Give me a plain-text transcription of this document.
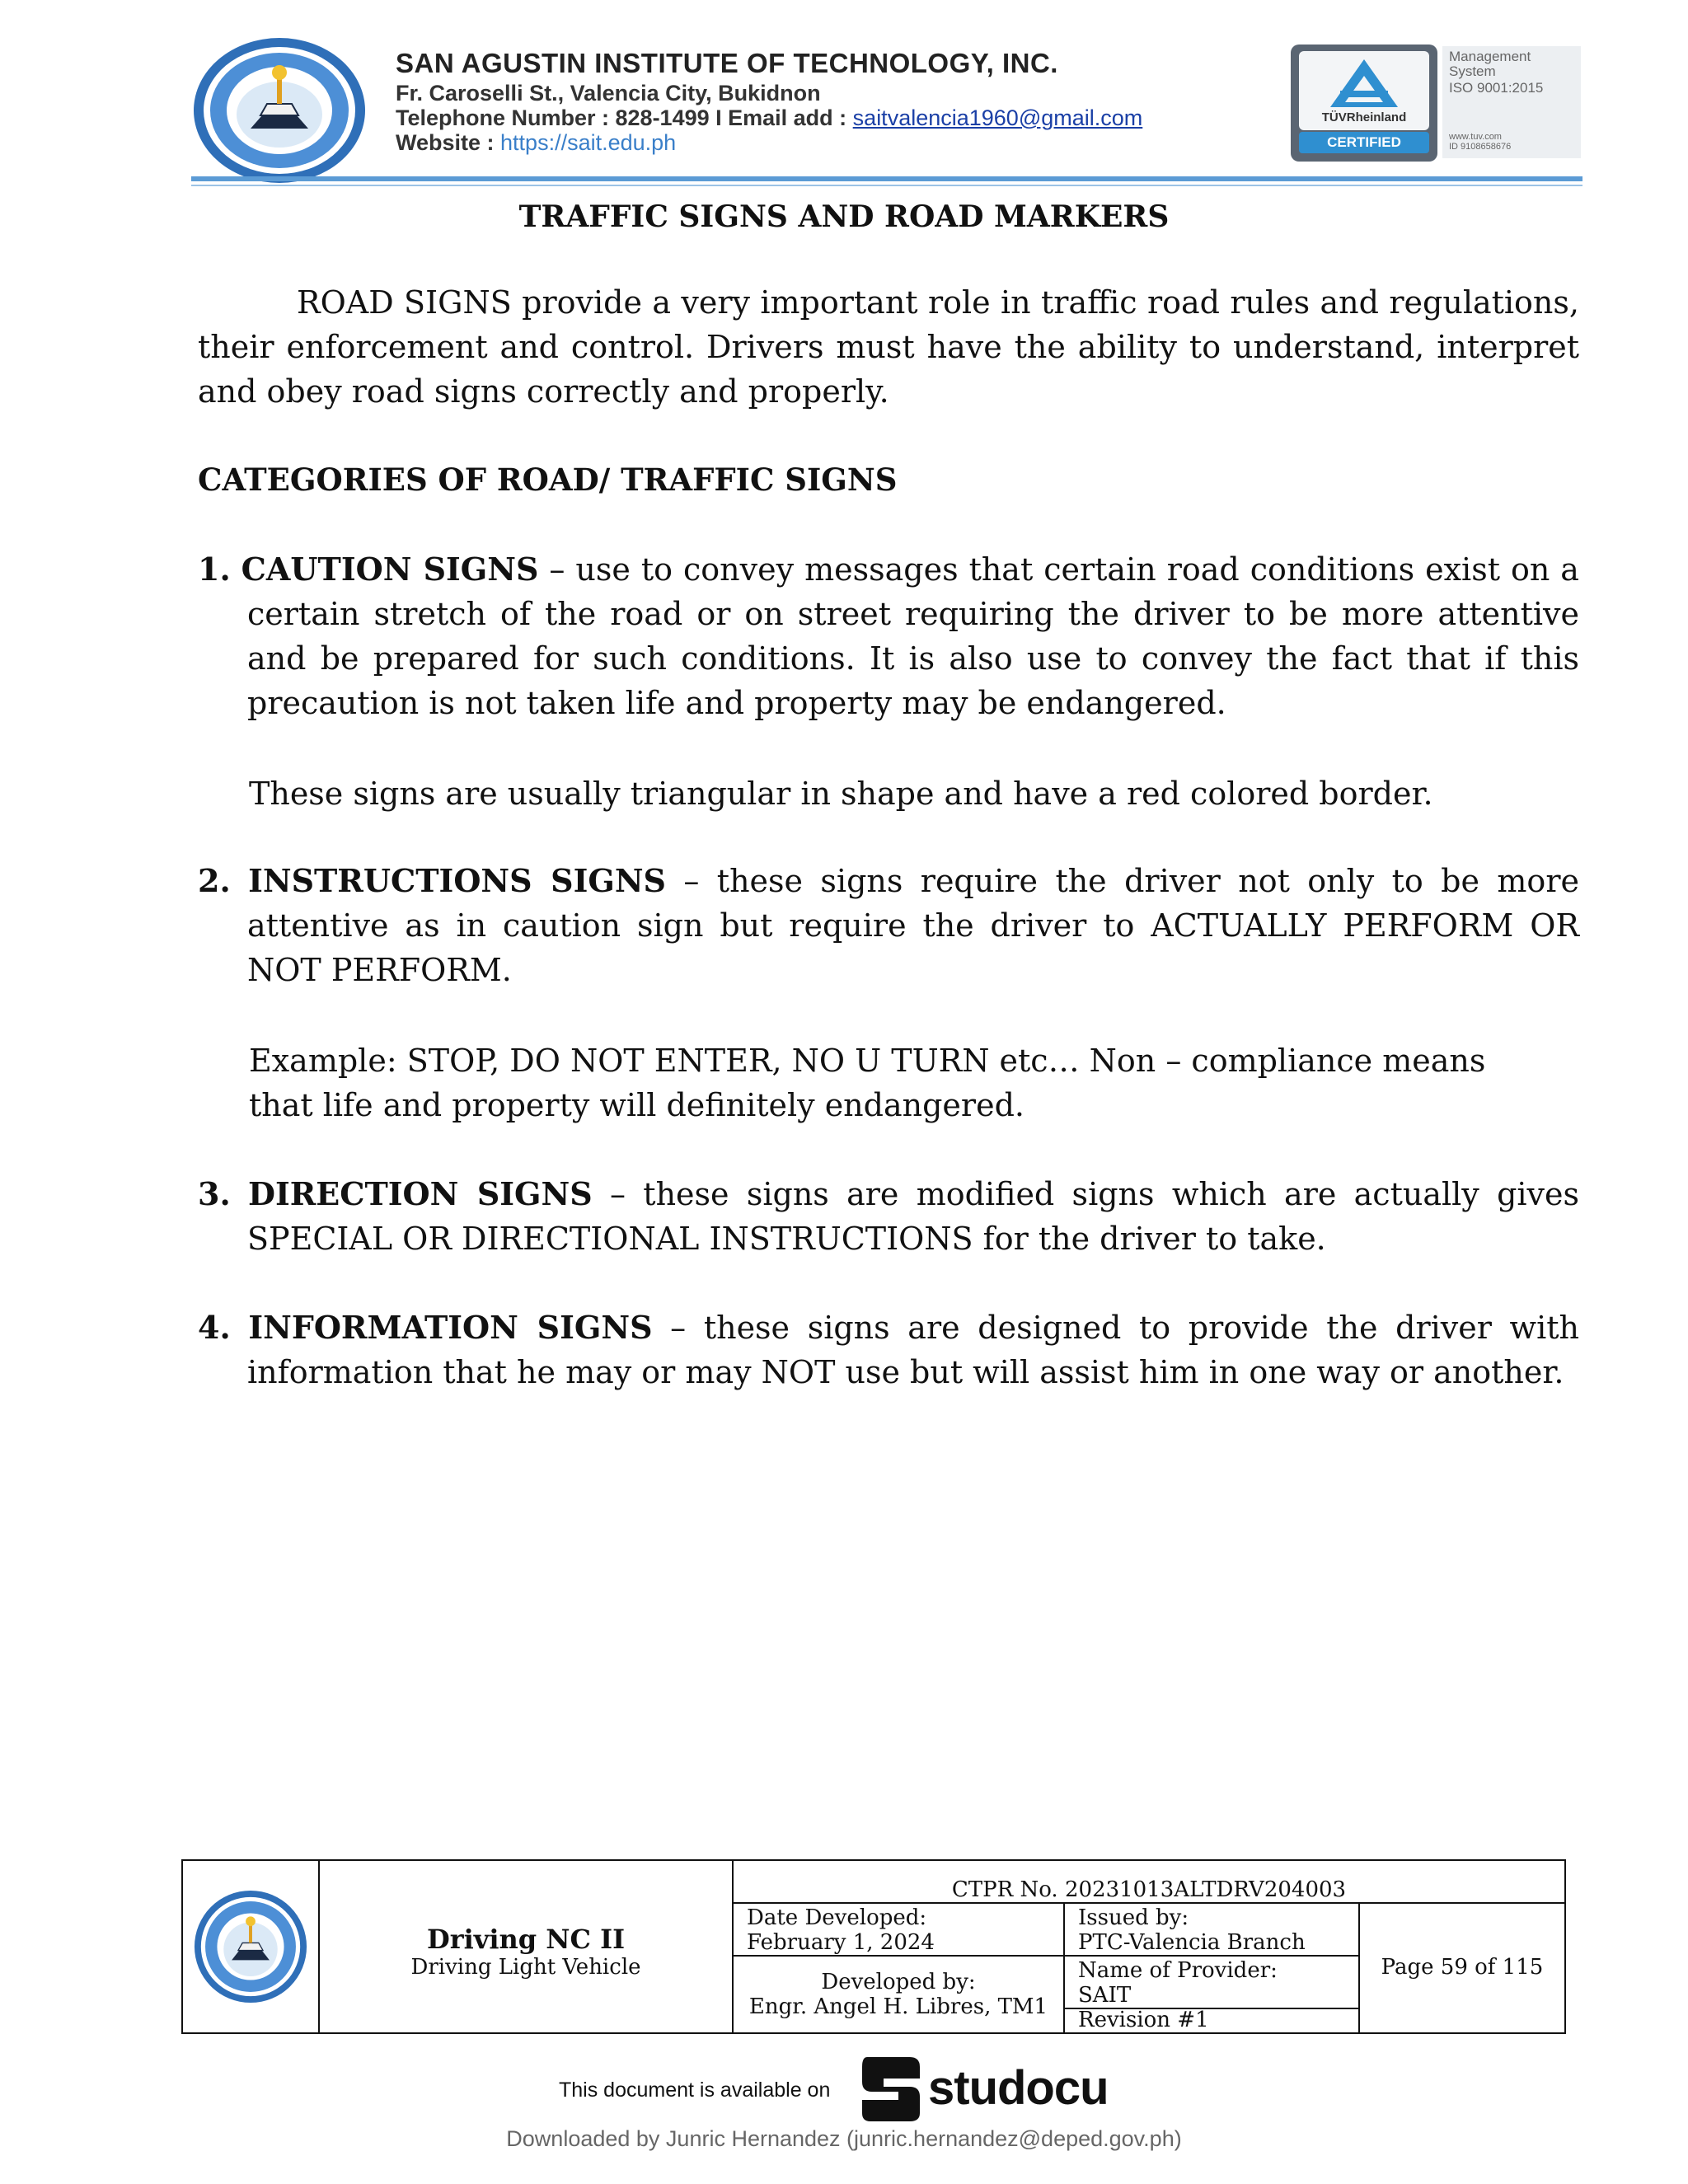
SAN AGUSTIN INSTITUTE OF TECHNOLOGY, INC.
Fr. Caroselli St., Valencia City, Bukidnon
Telephone Number : 828-1499 I Email add : saitvalencia1960@gmail.com
Website : https://sait.edu.ph
TÜVRheinland
CERTIFIED
Management
System
ISO 9001:2015
www.tuv.com
ID 9108658676
TRAFFIC SIGNS AND ROAD MARKERS
ROAD SIGNS provide a very important role in traffic road rules and regulations, their enforcement and control. Drivers must have the ability to understand, interpret and obey road signs correctly and properly.
CATEGORIES OF ROAD/ TRAFFIC SIGNS
1. CAUTION SIGNS – use to convey messages that certain road conditions exist on a certain stretch of the road or on street requiring the driver to be more attentive and be prepared for such conditions. It is also use to convey the fact that if this precaution is not taken life and property may be endangered.
These signs are usually triangular in shape and have a red colored border.
2. INSTRUCTIONS SIGNS – these signs require the driver not only to be more attentive as in caution sign but require the driver to ACTUALLY PERFORM OR NOT PERFORM.
Example: STOP, DO NOT ENTER, NO U TURN etc… Non – compliance means
that life and property will definitely endangered.
3. DIRECTION SIGNS – these signs are modified signs which are actually gives SPECIAL OR DIRECTIONAL INSTRUCTIONS for the driver to take.
4. INFORMATION SIGNS – these signs are designed to provide the driver with information that he may or may NOT use but will assist him in one way or another.
Driving NC II
Driving Light Vehicle
CTPR No. 20231013ALTDRV204003
Date Developed:
February 1, 2024
Issued by:
PTC-Valencia Branch
Developed by:
Engr. Angel H. Libres, TM1
Name of Provider:
SAIT
Revision #1
Page 59 of 115
This document is available on studocu
Downloaded by Junric Hernandez (junric.hernandez@deped.gov.ph)
